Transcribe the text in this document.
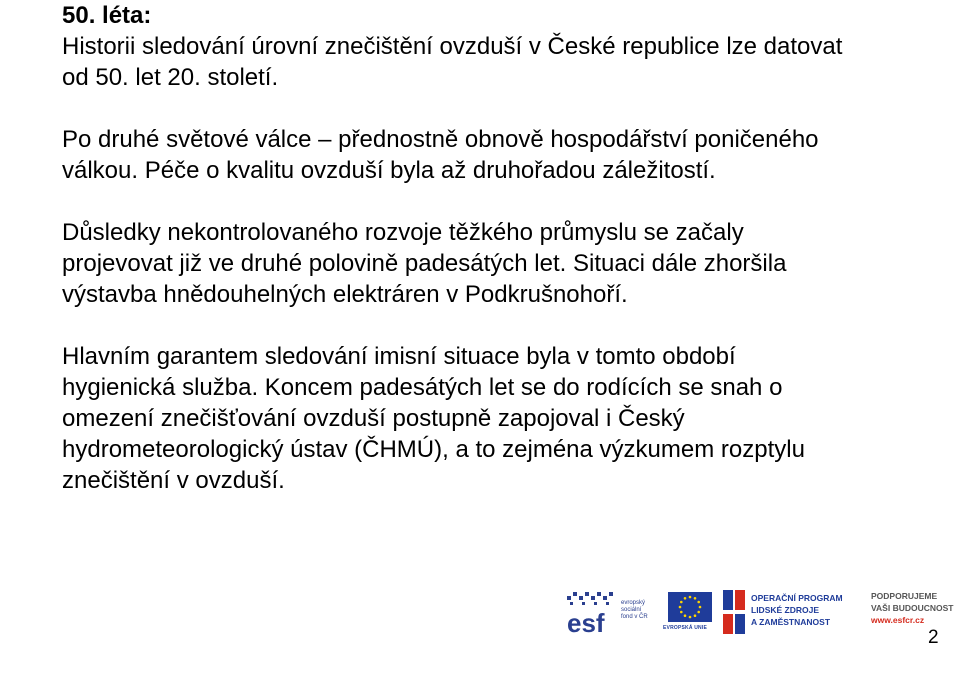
50. léta:

Historii sledování úrovní znečištění ovzduší v České republice lze datovat

od 50. let 20. století.

Po druhé světové válce – přednostně obnově hospodářství poničeného

válkou. Péče o kvalitu ovzduší byla až druhořadou záležitostí.

Důsledky nekontrolovaného rozvoje těžkého průmyslu se začaly

projevovat již ve druhé polovině padesátých let. Situaci dále zhoršila

výstavba hnědouhelných elektráren v Podkrušnohoří.

Hlavním garantem sledování imisní situace byla v tomto období

hygienická služba. Koncem padesátých let se do rodících se snah o

omezení znečišťování ovzduší postupně zapojoval i Český

hydrometeorologický ústav (ČHMÚ), a to zejména výzkumem rozptylu

znečištění v ovzduší.

esf
evropský
sociální
fond v ČR
EVROPSKÁ UNIE
OPERAČNÍ PROGRAM
LIDSKÉ ZDROJE
A ZAMĚSTNANOST
PODPORUJEME
VAŠI BUDOUCNOST
www.esfcr.cz
2
